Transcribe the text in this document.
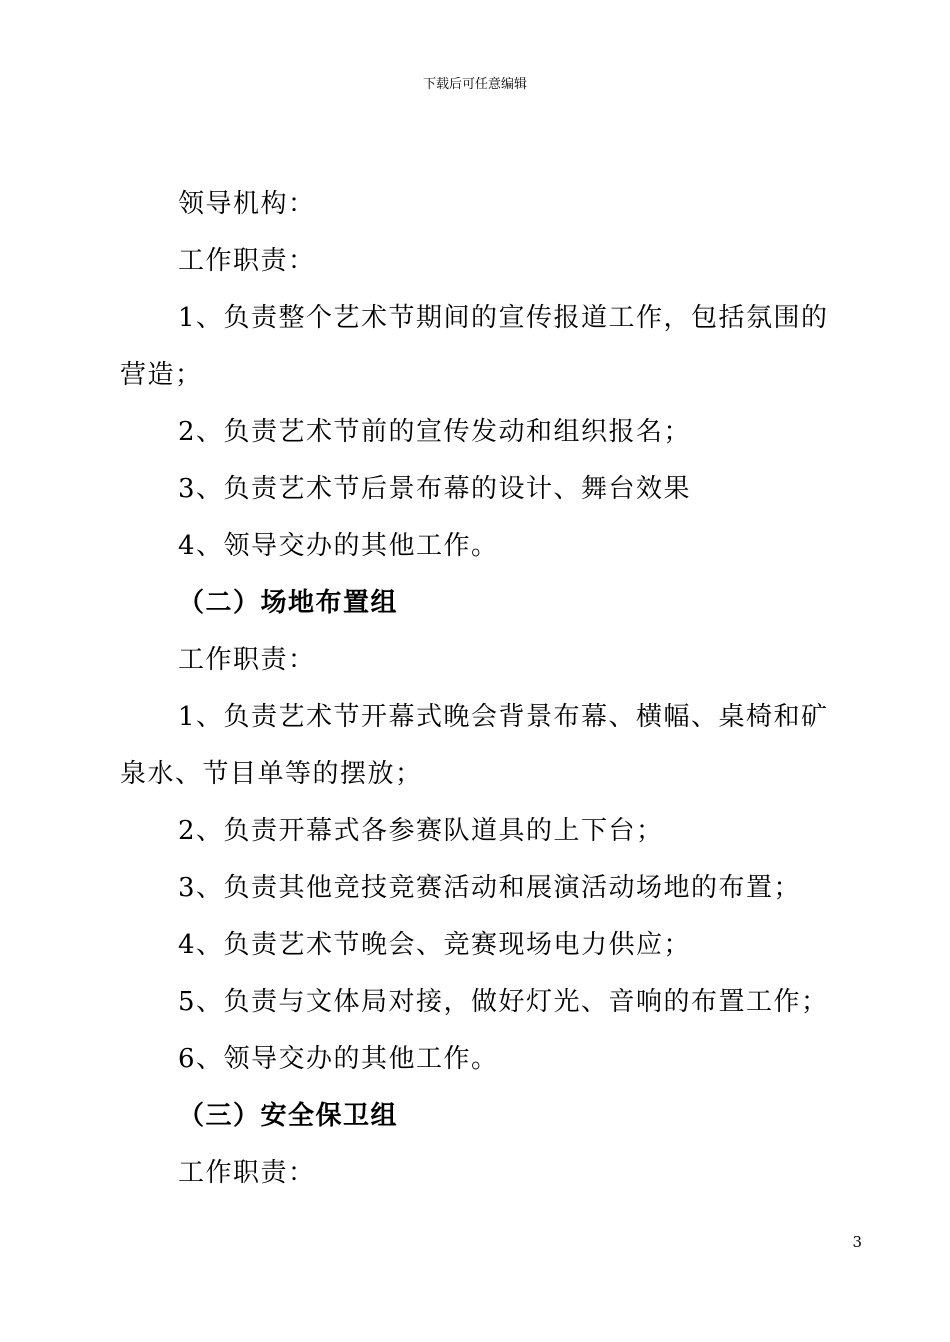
下载后可任意编辑
领导机构：
工作职责：
1、负责整个艺术节期间的宣传报道工作，包括氛围的
营造；
2、负责艺术节前的宣传发动和组织报名；
3、负责艺术节后景布幕的设计、舞台效果
4、领导交办的其他工作。
（二）场地布置组
工作职责：
1、负责艺术节开幕式晚会背景布幕、横幅、桌椅和矿
泉水、节目单等的摆放；
2、负责开幕式各参赛队道具的上下台；
3、负责其他竞技竞赛活动和展演活动场地的布置；
4、负责艺术节晚会、竞赛现场电力供应；
5、负责与文体局对接，做好灯光、音响的布置工作；
6、领导交办的其他工作。
（三）安全保卫组
工作职责：
3
